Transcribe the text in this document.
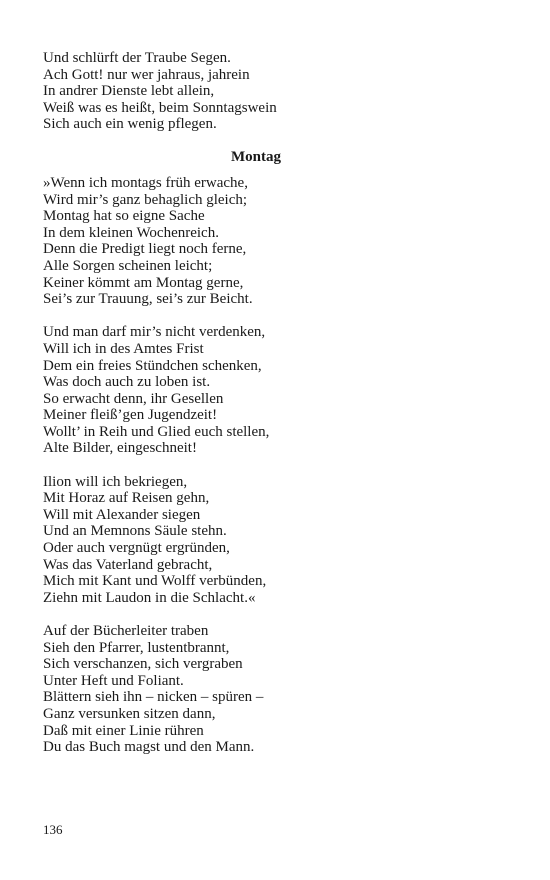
Und schlürft der Traube Segen.
Ach Gott! nur wer jahraus, jahrein
In andrer Dienste lebt allein,
Weiß was es heißt, beim Sonntagswein
Sich auch ein wenig pflegen.
Montag
»Wenn ich montags früh erwache,
Wird mir’s ganz behaglich gleich;
Montag hat so eigne Sache
In dem kleinen Wochenreich.
Denn die Predigt liegt noch ferne,
Alle Sorgen scheinen leicht;
Keiner kömmt am Montag gerne,
Sei’s zur Trauung, sei’s zur Beicht.
Und man darf mir’s nicht verdenken,
Will ich in des Amtes Frist
Dem ein freies Stündchen schenken,
Was doch auch zu loben ist.
So erwacht denn, ihr Gesellen
Meiner fleiß’gen Jugendzeit!
Wollt’ in Reih und Glied euch stellen,
Alte Bilder, eingeschneit!
Ilion will ich bekriegen,
Mit Horaz auf Reisen gehn,
Will mit Alexander siegen
Und an Memnons Säule stehn.
Oder auch vergnügt ergründen,
Was das Vaterland gebracht,
Mich mit Kant und Wolff verbünden,
Ziehn mit Laudon in die Schlacht.«
Auf der Bücherleiter traben
Sieh den Pfarrer, lustentbrannt,
Sich verschanzen, sich vergraben
Unter Heft und Foliant.
Blättern sieh ihn – nicken – spüren –
Ganz versunken sitzen dann,
Daß mit einer Linie rühren
Du das Buch magst und den Mann.
136
